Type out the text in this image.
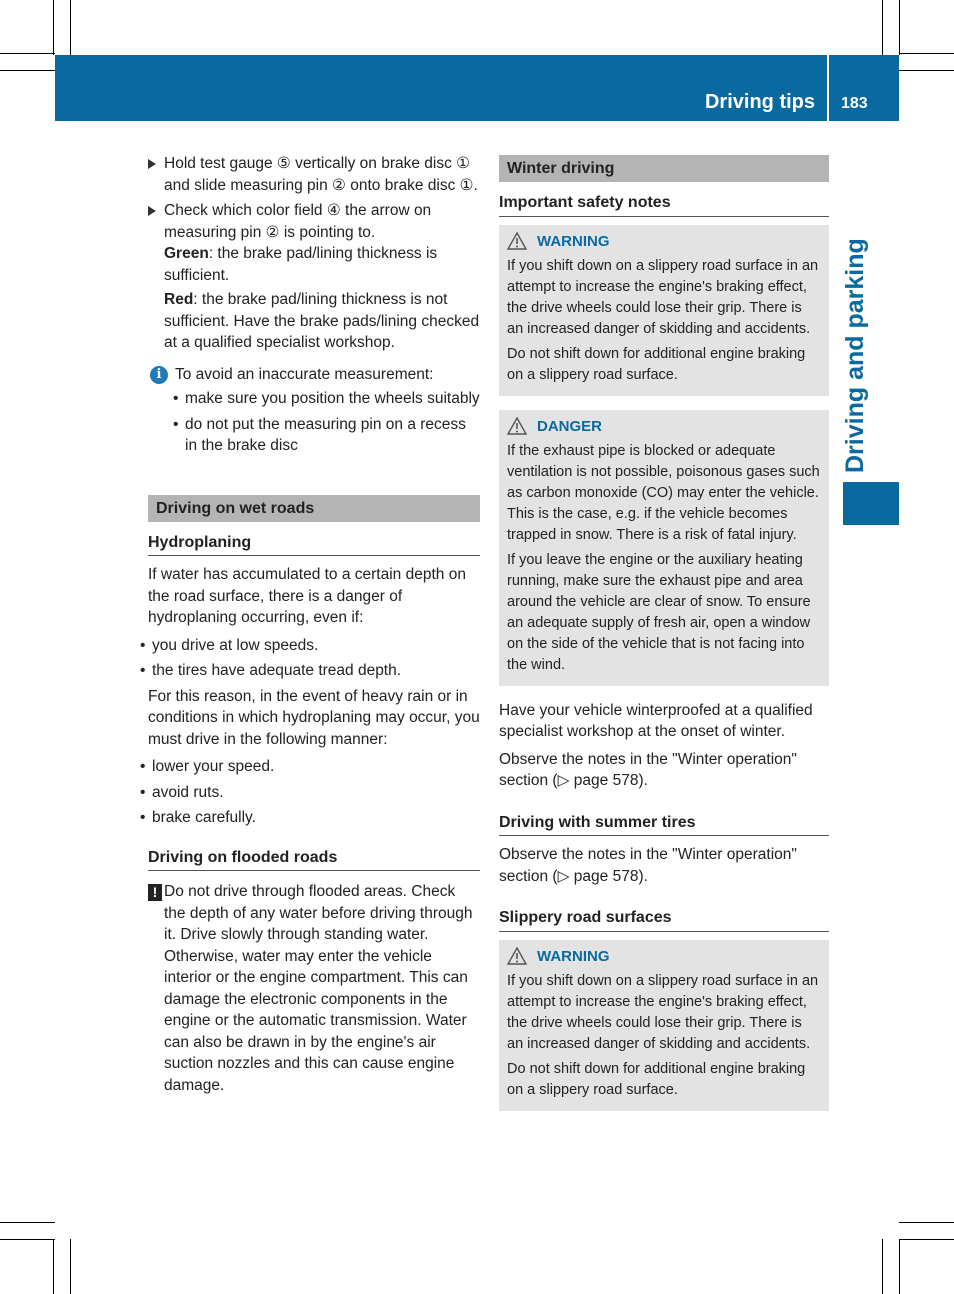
Driving tips 183
Driving and parking

Hold test gauge ⑤ vertically on brake disc ① and slide measuring pin ② onto brake disc ①.

Check which color field ④ the arrow on measuring pin ② is pointing to.

Green: the brake pad/lining thickness is sufficient.

Red: the brake pad/lining thickness is not sufficient. Have the brake pads/lining checked at a qualified specialist workshop.

i To avoid an inaccurate measurement:
• make sure you position the wheels suitably
• do not put the measuring pin on a recess in the brake disc
Driving on wet roads
Hydroplaning

If water has accumulated to a certain depth on the road surface, there is a danger of hydroplaning occurring, even if:

• you drive at low speeds.
• the tires have adequate tread depth.

For this reason, in the event of heavy rain or in conditions in which hydroplaning may occur, you must drive in the following manner:

• lower your speed.
• avoid ruts.
• brake carefully.
Driving on flooded roads
! Do not drive through flooded areas. Check the depth of any water before driving through it. Drive slowly through standing water. Otherwise, water may enter the vehicle interior or the engine compartment. This can damage the electronic components in the engine or the automatic transmission. Water can also be drawn in by the engine's air suction nozzles and this can cause engine damage.

Winter driving
Important safety notes
WARNING

If you shift down on a slippery road surface in an attempt to increase the engine's braking effect, the drive wheels could lose their grip. There is an increased danger of skidding and accidents.

Do not shift down for additional engine braking on a slippery road surface.

DANGER

If the exhaust pipe is blocked or adequate ventilation is not possible, poisonous gases such as carbon monoxide (CO) may enter the vehicle. This is the case, e.g. if the vehicle becomes trapped in snow. There is a risk of fatal injury.

If you leave the engine or the auxiliary heating running, make sure the exhaust pipe and area around the vehicle are clear of snow. To ensure an adequate supply of fresh air, open a window on the side of the vehicle that is not facing into the wind.

Have your vehicle winterproofed at a qualified specialist workshop at the onset of winter.

Observe the notes in the "Winter operation" section (▷ page 578).

Driving with summer tires

Observe the notes in the "Winter operation" section (▷ page 578).

Slippery road surfaces
WARNING

If you shift down on a slippery road surface in an attempt to increase the engine's braking effect, the drive wheels could lose their grip. There is an increased danger of skidding and accidents.

Do not shift down for additional engine braking on a slippery road surface.
